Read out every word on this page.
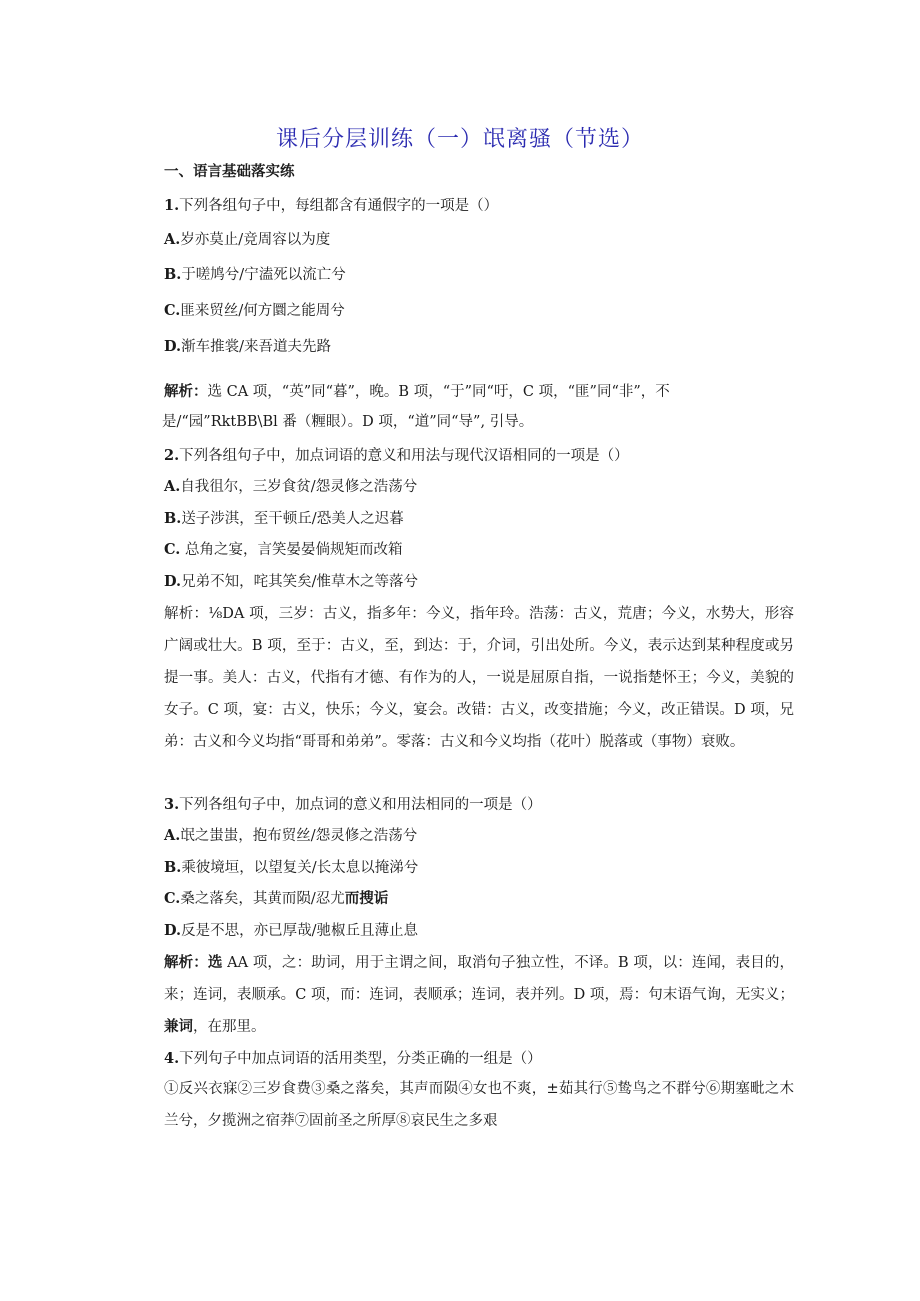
课后分层训练（一）氓离骚（节选）
一、语言基础落实练
1.下列各组句子中，每组都含有通假字的一项是（）
A.岁亦莫止/竞周容以为度
B.于嗟鸠兮/宁溘死以流亡兮
C.匪来贸丝/何方圜之能周兮
D.渐车推裳/来吾道夫先路
解析：选 CA 项，“英”同“暮”，晚。B 项，“于”同“吁，C 项，“匪”同“非”，不
是/“园”RktBB\Bl 番（糎眼）。D 项，“道”同“导”, 引导。
2.下列各组句子中，加点词语的意义和用法与现代汉语相同的一项是（）
A.自我徂尔，三岁食贫/怨灵修之浩荡兮
B.送子涉淇，至干顿丘/恐美人之迟暮
C. 总角之宴，言笑晏晏倘规矩而改箱
D.兄弟不知，咤其笑矣/惟草木之等落兮
解析：⅛DA 项，三岁：古义，指多年：今义，指年玲。浩荡：古义，荒唐；今义，水势大，形容广阔或壮大。B 项，至于：古义，至，到达：于，介词，引出处所。今义，表示达到某种程度或另提一事。美人：古义，代指有才德、有作为的人，一说是屈原自指，一说指楚怀王；今义，美貌的女子。C 项，宴：古义，快乐；今义，宴会。改错：古义，改变措施；今义，改正错误。D 项，兄弟：古义和今义均指“哥哥和弟弟”。零落：古义和今义均指（花叶）脱落或（事物）衰败。
3.下列各组句子中，加点词的意义和用法相同的一项是（）
A.氓之蚩蚩，抱布贸丝/怨灵修之浩荡兮
B.乘彼境垣，以望复关/长太息以掩涕兮
C.桑之落矣，其黄而陨/忍尤而搜诟
D.反是不思，亦已厚哉/驰椒丘且薄止息
解析：选 AA 项，之：助词，用于主谓之间，取消句子独立性，不译。B 项，以：连闻，表目的，来；连词，表顺承。C 项，而：连词，表顺承；连词，表并列。D 项，焉：句末语气询，无实义；兼词，在那里。
4.下列句子中加点词语的活用类型，分类正确的一组是（）
①反兴衣寐②三岁食费③桑之落矣，其声而陨④女也不爽，±茹其行⑤鸷鸟之不群兮⑥期塞毗之木兰兮，夕揽洲之宿莽⑦固前圣之所厚⑧哀民生之多艰
